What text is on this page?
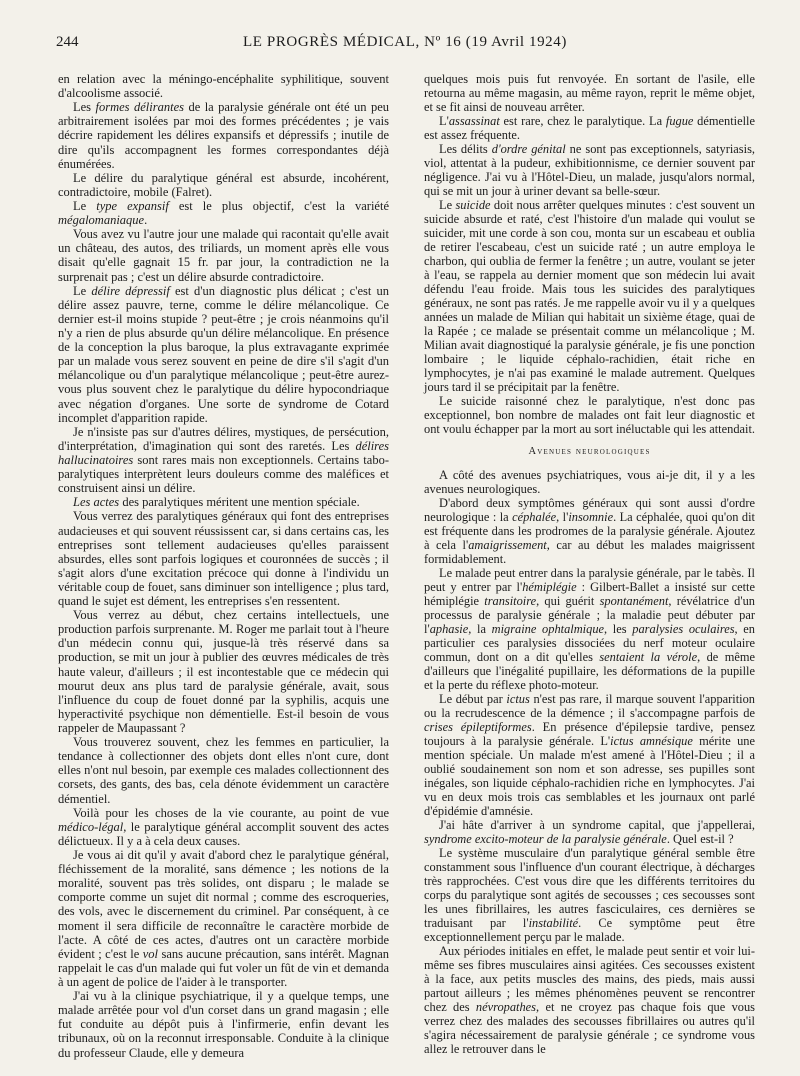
244	LE PROGRÈS MÉDICAL, Nº 16 (19 Avril 1924)

en relation avec la méningo-encéphalite syphilitique, souvent d'alcoolisme associé.

Les formes délirantes de la paralysie générale ont été un peu arbitrairement isolées par moi des formes précédentes ; je vais décrire rapidement les délires expansifs et dépressifs ; inutile de dire qu'ils accompagnent les formes correspondantes déjà énumérées.

Le délire du paralytique général est absurde, incohérent, contradictoire, mobile (Falret).

Le type expansif est le plus objectif, c'est la variété mégalomaniaque.

Vous avez vu l'autre jour une malade qui racontait qu'elle avait un château, des autos, des triliards, un moment après elle vous disait qu'elle gagnait 15 fr. par jour, la contradiction ne la surprenait pas ; c'est un délire absurde contradictoire.

Le délire dépressif est d'un diagnostic plus délicat ; c'est un délire assez pauvre, terne, comme le délire mélancolique. Ce dernier est-il moins stupide ? peut-être ; je crois néanmoins qu'il n'y a rien de plus absurde qu'un délire mélancolique. En présence de la conception la plus baroque, la plus extravagante exprimée par un malade vous serez souvent en peine de dire s'il s'agit d'un mélancolique ou d'un paralytique mélancolique ; peut-être aurez-vous plus souvent chez le paralytique du délire hypocondriaque avec négation d'organes. Une sorte de syndrome de Cotard incomplet d'apparition rapide.

Je n'insiste pas sur d'autres délires, mystiques, de persécution, d'interprétation, d'imagination qui sont des raretés. Les délires hallucinatoires sont rares mais non exceptionnels. Certains tabo-paralytiques interprètent leurs douleurs comme des maléfices et construisent ainsi un délire.

Les actes des paralytiques méritent une mention spéciale.

Vous verrez des paralytiques généraux qui font des entreprises audacieuses et qui souvent réussissent car, si dans certains cas, les entreprises sont tellement audacieuses qu'elles paraissent absurdes, elles sont parfois logiques et couronnées de succès ; il s'agit alors d'une excitation précoce qui donne à l'individu un véritable coup de fouet, sans diminuer son intelligence ; plus tard, quand le sujet est dément, les entreprises s'en ressentent.

Vous verrez au début, chez certains intellectuels, une production parfois surprenante. M. Roger me parlait tout à l'heure d'un médecin connu qui, jusque-là très réservé dans sa production, se mit un jour à publier des œuvres médicales de très haute valeur, d'ailleurs ; il est incontestable que ce médecin qui mourut deux ans plus tard de paralysie générale, avait, sous l'influence du coup de fouet donné par la syphilis, acquis une hyperactivité psychique non démentielle. Est-il besoin de vous rappeler de Maupassant ?

Vous trouverez souvent, chez les femmes en particulier, la tendance à collectionner des objets dont elles n'ont cure, dont elles n'ont nul besoin, par exemple ces malades collectionnent des corsets, des gants, des bas, cela dénote évidemment un caractère démentiel.

Voilà pour les choses de la vie courante, au point de vue médico-légal, le paralytique général accomplit souvent des actes délictueux. Il y a à cela deux causes.

Je vous ai dit qu'il y avait d'abord chez le paralytique général, fléchissement de la moralité, sans démence ; les notions de la moralité, souvent pas très solides, ont disparu ; le malade se comporte comme un sujet dit normal ; comme des escroqueries, des vols, avec le discernement du criminel. Par conséquent, à ce moment il sera difficile de reconnaître le caractère morbide de l'acte. A côté de ces actes, d'autres ont un caractère morbide évident ; c'est le vol sans aucune précaution, sans intérêt. Magnan rappelait le cas d'un malade qui fut voler un fût de vin et demanda à un agent de police de l'aider à le transporter.

J'ai vu à la clinique psychiatrique, il y a quelque temps, une malade arrêtée pour vol d'un corset dans un grand magasin ; elle fut conduite au dépôt puis à l'infirmerie, enfin devant les tribunaux, où on la reconnut irresponsable. Conduite à la clinique du professeur Claude, elle y demeura

quelques mois puis fut renvoyée. En sortant de l'asile, elle retourna au même magasin, au même rayon, reprit le même objet, et se fit ainsi de nouveau arrêter.

L'assassinat est rare, chez le paralytique. La fugue démentielle est assez fréquente.

Les délits d'ordre génital ne sont pas exceptionnels, satyriasis, viol, attentat à la pudeur, exhibitionnisme, ce dernier souvent par négligence. J'ai vu à l'Hôtel-Dieu, un malade, jusqu'alors normal, qui se mit un jour à uriner devant sa belle-sœur.

Le suicide doit nous arrêter quelques minutes : c'est souvent un suicide absurde et raté, c'est l'histoire d'un malade qui voulut se suicider, mit une corde à son cou, monta sur un escabeau et oublia de retirer l'escabeau, c'est un suicide raté ; un autre employa le charbon, qui oublia de fermer la fenêtre ; un autre, voulant se jeter à l'eau, se rappela au dernier moment que son médecin lui avait défendu l'eau froide. Mais tous les suicides des paralytiques généraux, ne sont pas ratés. Je me rappelle avoir vu il y a quelques années un malade de Milian qui habitait un sixième étage, quai de la Rapée ; ce malade se présentait comme un mélancolique ; M. Milian avait diagnostiqué la paralysie générale, je fis une ponction lombaire ; le liquide céphalo-rachidien, était riche en lymphocytes, je n'ai pas examiné le malade autrement. Quelques jours tard il se précipitait par la fenêtre.

Le suicide raisonné chez le paralytique, n'est donc pas exceptionnel, bon nombre de malades ont fait leur diagnostic et ont voulu échapper par la mort au sort inéluctable qui les attendait.

Avenues neurologiques

A côté des avenues psychiatriques, vous ai-je dit, il y a les avenues neurologiques.

D'abord deux symptômes généraux qui sont aussi d'ordre neurologique : la céphalée, l'insomnie. La céphalée, quoi qu'on dit est fréquente dans les prodromes de la paralysie générale. Ajoutez à cela l'amaigrissement, car au début les malades maigrissent formidablement.

Le malade peut entrer dans la paralysie générale, par le tabès. Il peut y entrer par l'hémiplégie : Gilbert-Ballet a insisté sur cette hémiplégie transitoire, qui guérit spontanément, révélatrice d'un processus de paralysie générale ; la maladie peut débuter par l'aphasie, la migraine ophtalmique, les paralysies oculaires, en particulier ces paralysies dissociées du nerf moteur oculaire commun, dont on a dit qu'elles sentaient la vérole, de même d'ailleurs que l'inégalité pupillaire, les déformations de la pupille et la perte du réflexe photo-moteur.

Le début par ictus n'est pas rare, il marque souvent l'apparition ou la recrudescence de la démence ; il s'accompagne parfois de crises épileptiformes. En présence d'épilepsie tardive, pensez toujours à la paralysie générale. L'ictus amnésique mérite une mention spéciale. Un malade m'est amené à l'Hôtel-Dieu ; il a oublié soudainement son nom et son adresse, ses pupilles sont inégales, son liquide céphalo-rachidien riche en lymphocytes. J'ai vu en deux mois trois cas semblables et les journaux ont parlé d'épidémie d'amnésie.

J'ai hâte d'arriver à un syndrome capital, que j'appellerai, syndrome excito-moteur de la paralysie générale. Quel est-il ?

Le système musculaire d'un paralytique général semble être constamment sous l'influence d'un courant électrique, à décharges très rapprochées. C'est vous dire que les différents territoires du corps du paralytique sont agités de secousses ; ces secousses sont les unes fibrillaires, les autres fasciculaires, ces dernières se traduisant par l'instabilité. Ce symptôme peut être exceptionnellement perçu par le malade.

Aux périodes initiales en effet, le malade peut sentir et voir lui-même ses fibres musculaires ainsi agitées. Ces secousses existent à la face, aux petits muscles des mains, des pieds, mais aussi partout ailleurs ; les mêmes phénomènes peuvent se rencontrer chez des névropathes, et ne croyez pas chaque fois que vous verrez chez des malades des secousses fibrillaires ou autres qu'il s'agira nécessairement de paralysie générale ; ce syndrome vous allez le retrouver dans le
